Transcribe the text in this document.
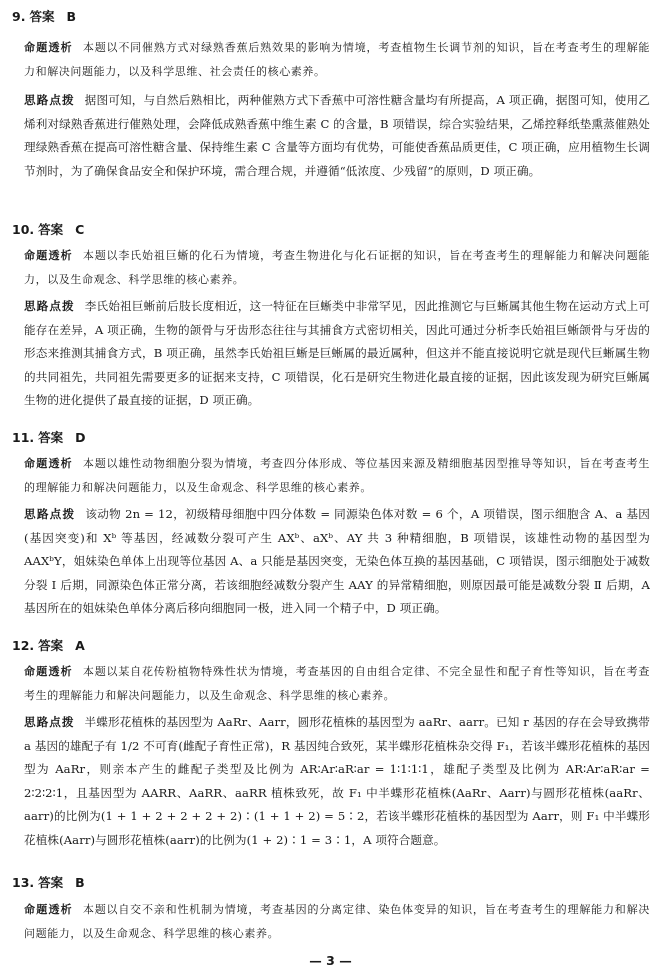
9. 答案 B
命题透析 本题以不同催熟方式对绿熟香蕉后熟效果的影响为情境，考查植物生长调节剂的知识，旨在考查考生的理解能力和解决问题能力，以及科学思维、社会责任的核心素养。
思路点拨 据图可知，与自然后熟相比，两种催熟方式下香蕉中可溶性糖含量均有所提高，A 项正确，据图可知，使用乙烯利对绿熟香蕉进行催熟处理，会降低成熟香蕉中维生素 C 的含量，B 项错误，综合实验结果，乙烯控释纸垫熏蒸催熟处理绿熟香蕉在提高可溶性糖含量、保持维生素 C 含量等方面均有优势，可能使香蕉品质更佳，C 项正确，应用植物生长调节剂时，为了确保食品安全和保护环境，需合理合规，并遵循“低浓度、少残留”的原则，D 项正确。
10. 答案 C
命题透析 本题以李氏始祖巨蜥的化石为情境，考查生物进化与化石证据的知识，旨在考查考生的理解能力和解决问题能力，以及生命观念、科学思维的核心素养。
思路点拨 李氏始祖巨蜥前后肢长度相近，这一特征在巨蜥类中非常罕见，因此推测它与巨蜥属其他生物在运动方式上可能存在差异，A 项正确，生物的颌骨与牙齿形态往往与其捕食方式密切相关，因此可通过分析李氏始祖巨蜥颌骨与牙齿的形态来推测其捕食方式，B 项正确，虽然李氏始祖巨蜥是巨蜥属的最近属种，但这并不能直接说明它就是现代巨蜥属生物的共同祖先，共同祖先需要更多的证据来支持，C 项错误，化石是研究生物进化最直接的证据，因此该发现为研究巨蜥属生物的进化提供了最直接的证据，D 项正确。
11. 答案 D
命题透析 本题以雄性动物细胞分裂为情境，考查四分体形成、等位基因来源及精细胞基因型推导等知识，旨在考查考生的理解能力和解决问题能力，以及生命观念、科学思维的核心素养。
思路点拨 该动物 2n = 12，初级精母细胞中四分体数 = 同源染色体对数 = 6 个，A 项错误，图示细胞含 A、a 基因(基因突变)和 Xᵇ 等基因，经减数分裂可产生 AXᵇ、aXᵇ、AY 共 3 种精细胞，B 项错误，该雄性动物的基因型为 AAXᵇY，姐妹染色单体上出现等位基因 A、a 只能是基因突变，无染色体互换的基因基础，C 项错误，图示细胞处于减数分裂 Ⅰ 后期，同源染色体正常分离，若该细胞经减数分裂产生 AAY 的异常精细胞，则原因最可能是减数分裂 Ⅱ 后期，A 基因所在的姐妹染色单体分离后移向细胞同一极，进入同一个精子中，D 项正确。
12. 答案 A
命题透析 本题以某自花传粉植物特殊性状为情境，考查基因的自由组合定律、不完全显性和配子育性等知识，旨在考查考生的理解能力和解决问题能力，以及生命观念、科学思维的核心素养。
思路点拨 半蝶形花植株的基因型为 AaRr、Aarr，圆形花植株的基因型为 aaRr、aarr。已知 r 基因的存在会导致携带 a 基因的雄配子有 1/2 不可育(雌配子育性正常)，R 基因纯合致死，某半蝶形花植株杂交得 F₁，若该半蝶形花植株的基因型为 AaRr，则亲本产生的雌配子类型及比例为 AR∶Ar∶aR∶ar = 1∶1∶1∶1，雄配子类型及比例为 AR∶Ar∶aR∶ar = 2∶2∶2∶1，且基因型为 AARR、AaRR、aaRR 植株致死，故 F₁ 中半蝶形花植株(AaRr、Aarr)与圆形花植株(aaRr、aarr)的比例为(1 + 1 + 2 + 2 + 2 + 2)∶(1 + 1 + 2) = 5∶2，若该半蝶形花植株的基因型为 Aarr，则 F₁ 中半蝶形花植株(Aarr)与圆形花植株(aarr)的比例为(1 + 2)∶1 = 3∶1，A 项符合题意。
13. 答案 B
命题透析 本题以自交不亲和性机制为情境，考查基因的分离定律、染色体变异的知识，旨在考查考生的理解能力和解决问题能力，以及生命观念、科学思维的核心素养。
— 3 —
